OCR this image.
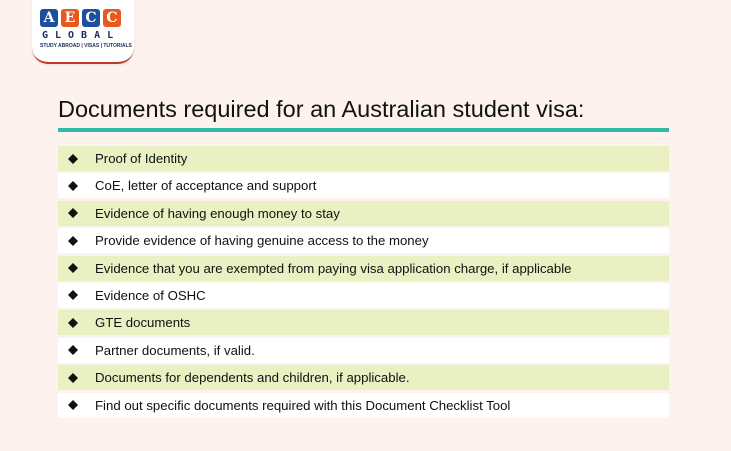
A E C C
GLOBAL
STUDY ABROAD | VISAS | TUTORIALS
Documents required for an Australian student visa:
Proof of Identity
CoE, letter of acceptance and support
Evidence of having enough money to stay
Provide evidence of having genuine access to the money
Evidence that you are exempted from paying visa application charge, if applicable
Evidence of OSHC
GTE documents
Partner documents, if valid.
Documents for dependents and children, if applicable.
Find out specific documents required with this Document Checklist Tool
